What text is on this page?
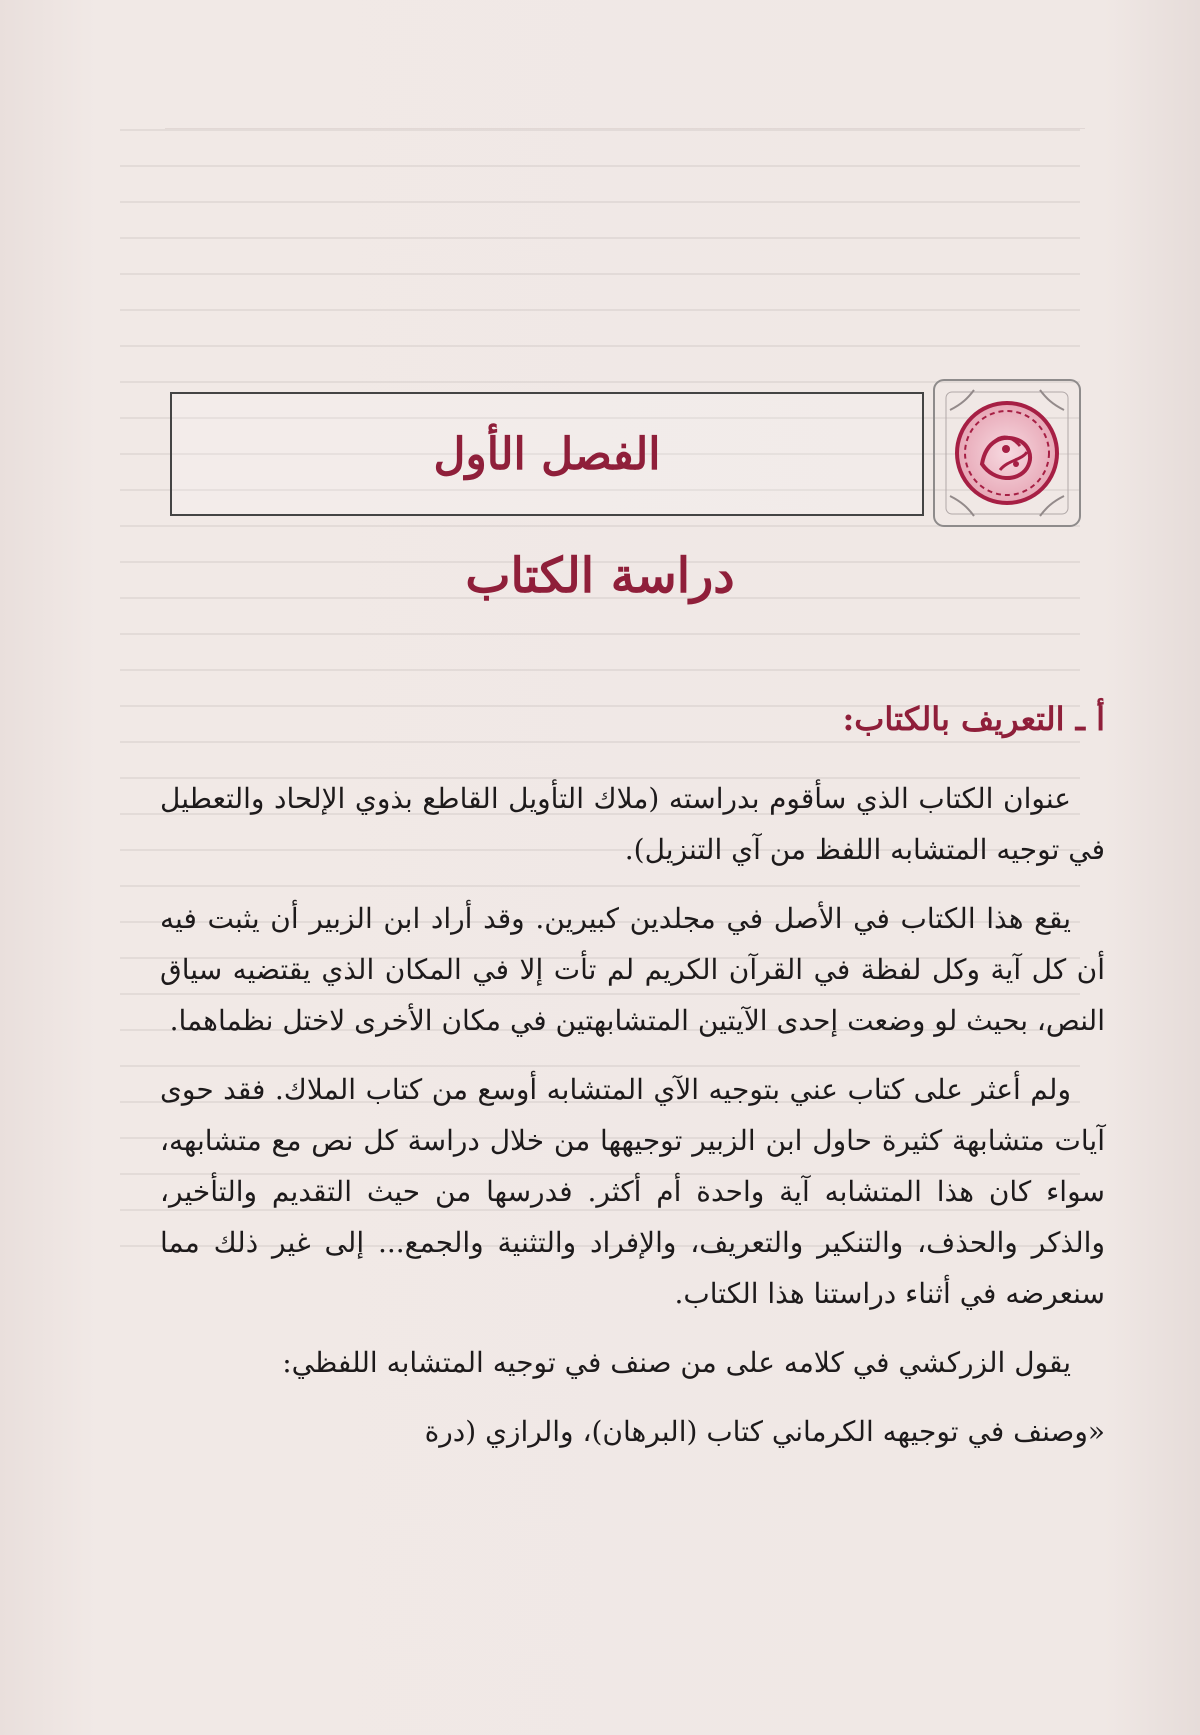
الفصل الأول
دراسة الكتاب
أ ـ التعريف بالكتاب:

عنوان الكتاب الذي سأقوم بدراسته (ملاك التأويل القاطع بذوي الإلحاد والتعطيل في توجيه المتشابه اللفظ من آي التنزيل).

يقع هذا الكتاب في الأصل في مجلدين كبيرين. وقد أراد ابن الزبير أن يثبت فيه أن كل آية وكل لفظة في القرآن الكريم لم تأت إلا في المكان الذي يقتضيه سياق النص، بحيث لو وضعت إحدى الآيتين المتشابهتين في مكان الأخرى لاختل نظماهما.

ولم أعثر على كتاب عني بتوجيه الآي المتشابه أوسع من كتاب الملاك. فقد حوى آيات متشابهة كثيرة حاول ابن الزبير توجيهها من خلال دراسة كل نص مع متشابهه، سواء كان هذا المتشابه آية واحدة أم أكثر. فدرسها من حيث التقديم والتأخير، والذكر والحذف، والتنكير والتعريف، والإفراد والتثنية والجمع... إلى غير ذلك مما سنعرضه في أثناء دراستنا هذا الكتاب.

يقول الزركشي في كلامه على من صنف في توجيه المتشابه اللفظي:

«وصنف في توجيهه الكرماني كتاب (البرهان)، والرازي (درة
